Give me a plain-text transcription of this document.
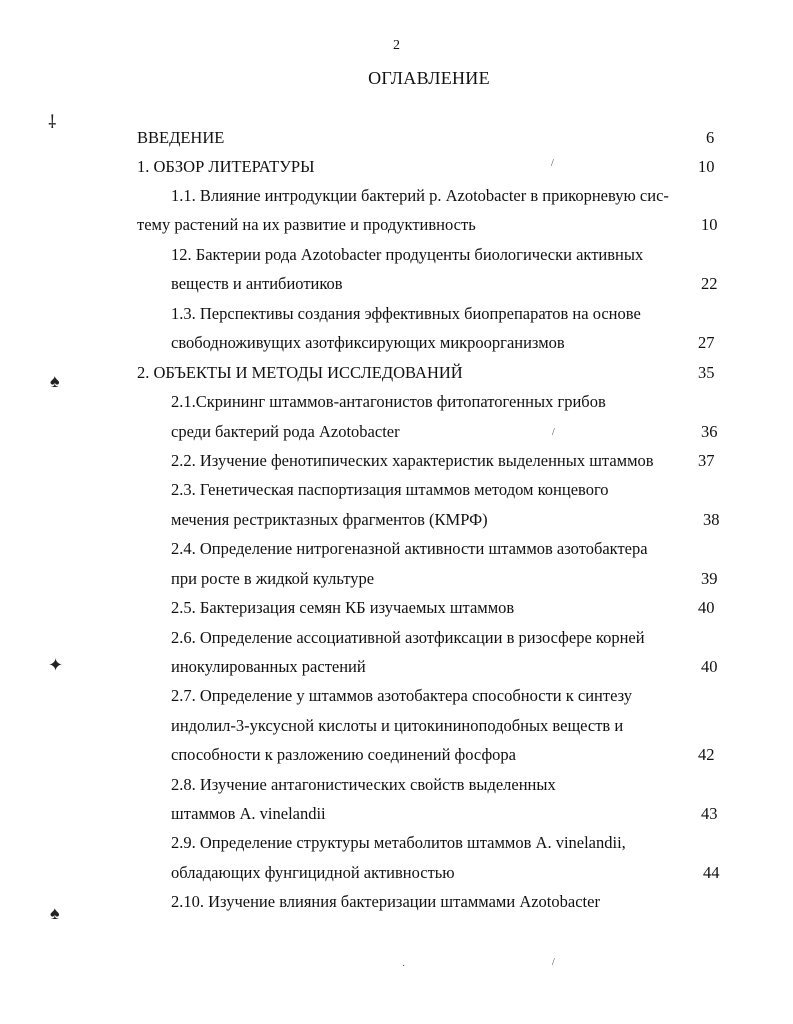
2
ОГЛАВЛЕНИЕ
⸸
♠
✦
♠
/
/
/
·
ВВЕДЕНИЕ	6
1. ОБЗОР ЛИТЕРАТУРЫ	10
1.1. Влияние интродукции бактерий р. Azotobacter в прикорневую сис-
тему растений на их развитие и продуктивность	10
12. Бактерии рода Azotobacter продуценты биологически активных
веществ и антибиотиков	22
1.3. Перспективы создания эффективных биопрепаратов на основе
свободноживущих азотфиксирующих микроорганизмов	27
2. ОБЪЕКТЫ И МЕТОДЫ ИССЛЕДОВАНИЙ	35
2.1.Скрининг штаммов-антагонистов фитопатогенных грибов
среди бактерий рода Azotobacter	36
2.2. Изучение фенотипических характеристик выделенных штаммов	37
2.3. Генетическая паспортизация штаммов методом концевого
мечения рестриктазных фрагментов (КМРФ)	38
2.4. Определение нитрогеназной активности штаммов азотобактера
при росте в жидкой культуре	39
2.5. Бактеризация семян КБ изучаемых штаммов	40
2.6. Определение ассоциативной азотфиксации в ризосфере корней
инокулированных растений	40
2.7. Определение у штаммов азотобактера способности к синтезу
индолил-3-уксусной кислоты и цитокининоподобных веществ и
способности к разложению соединений фосфора	42
2.8. Изучение антагонистических свойств выделенных
штаммов A. vinelandii	43
2.9. Определение структуры метаболитов штаммов A. vinelandii,
обладающих фунгицидной активностью	44
2.10. Изучение влияния бактеризации штаммами Azotobacter
